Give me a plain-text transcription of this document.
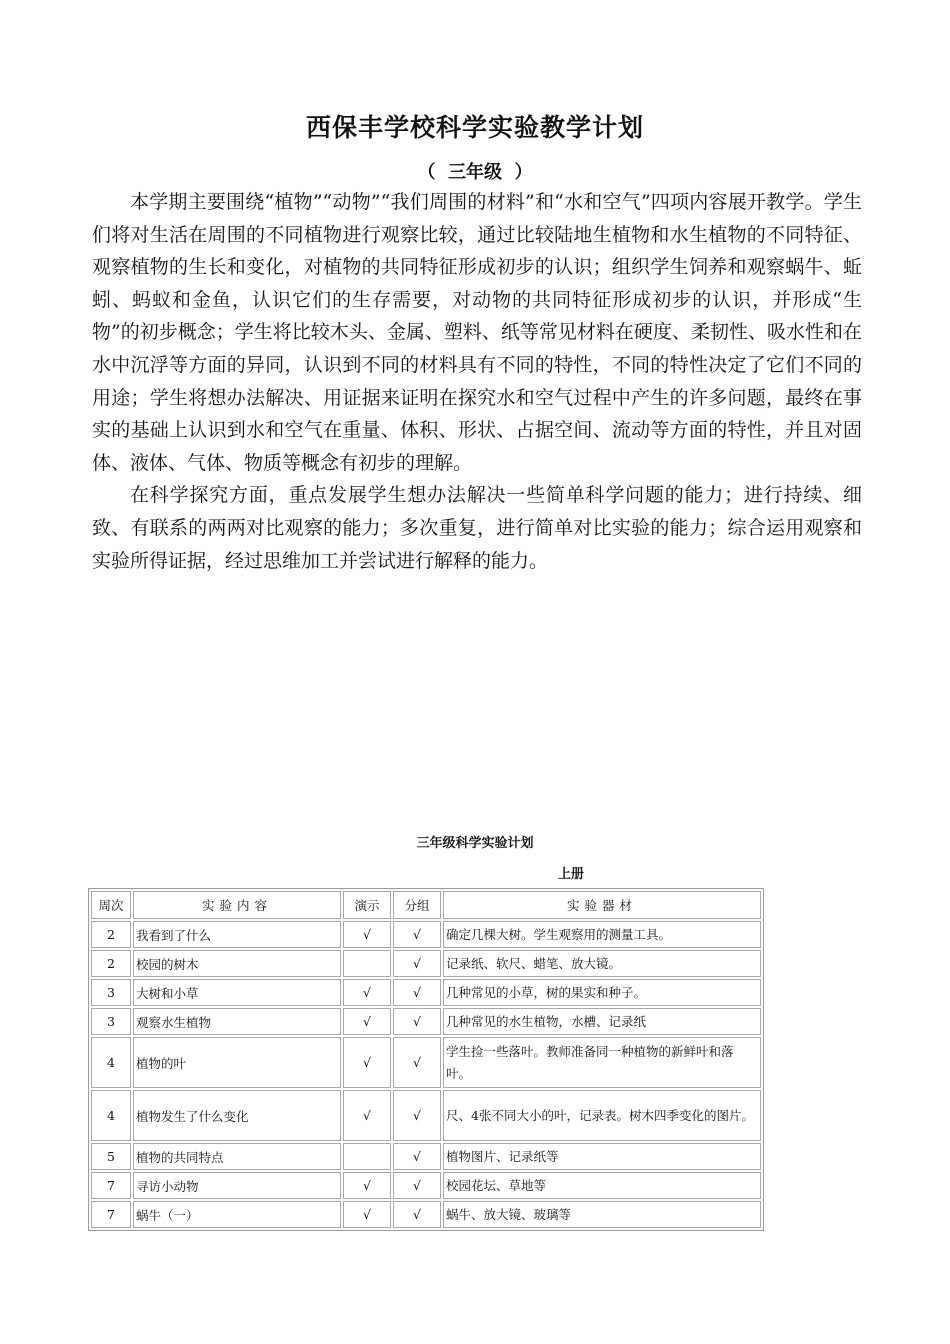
西保丰学校科学实验教学计划
（  三年级  ）

本学期主要围绕“植物”“动物”“我们周围的材料”和“水和空气”四项内容展开教学。学生们将对生活在周围的不同植物进行观察比较，通过比较陆地生植物和水生植物的不同特征、观察植物的生长和变化，对植物的共同特征形成初步的认识；组织学生饲养和观察蜗牛、蚯蚓、蚂蚁和金鱼，认识它们的生存需要，对动物的共同特征形成初步的认识，并形成“生物”的初步概念；学生将比较木头、金属、塑料、纸等常见材料在硬度、柔韧性、吸水性和在水中沉浮等方面的异同，认识到不同的材料具有不同的特性，不同的特性决定了它们不同的用途；学生将想办法解决、用证据来证明在探究水和空气过程中产生的许多问题，最终在事实的基础上认识到水和空气在重量、体积、形状、占据空间、流动等方面的特性，并且对固体、液体、气体、物质等概念有初步的理解。

在科学探究方面，重点发展学生想办法解决一些简单科学问题的能力；进行持续、细致、有联系的两两对比观察的能力；多次重复，进行简单对比实验的能力；综合运用观察和实验所得证据，经过思维加工并尝试进行解释的能力。

三年级科学实验计划
上册
周次	实验内容	演示	分组	实验器材
2	我看到了什么	√	√	确定几棵大树。学生观察用的测量工具。
2	校园的树木		√	记录纸、软尺、蜡笔、放大镜。
3	大树和小草	√	√	几种常见的小草，树的果实和种子。
3	观察水生植物	√	√	几种常见的水生植物，水槽、记录纸
4	植物的叶	√	√	学生捡一些落叶。教师准备同一种植物的新鲜叶和落叶。
4	植物发生了什么变化	√	√	尺、4张不同大小的叶，记录表。树木四季变化的图片。
5	植物的共同特点		√	植物图片、记录纸等
7	寻访小动物	√	√	校园花坛、草地等
7	蜗牛（一）	√	√	蜗牛、放大镜、玻璃等
